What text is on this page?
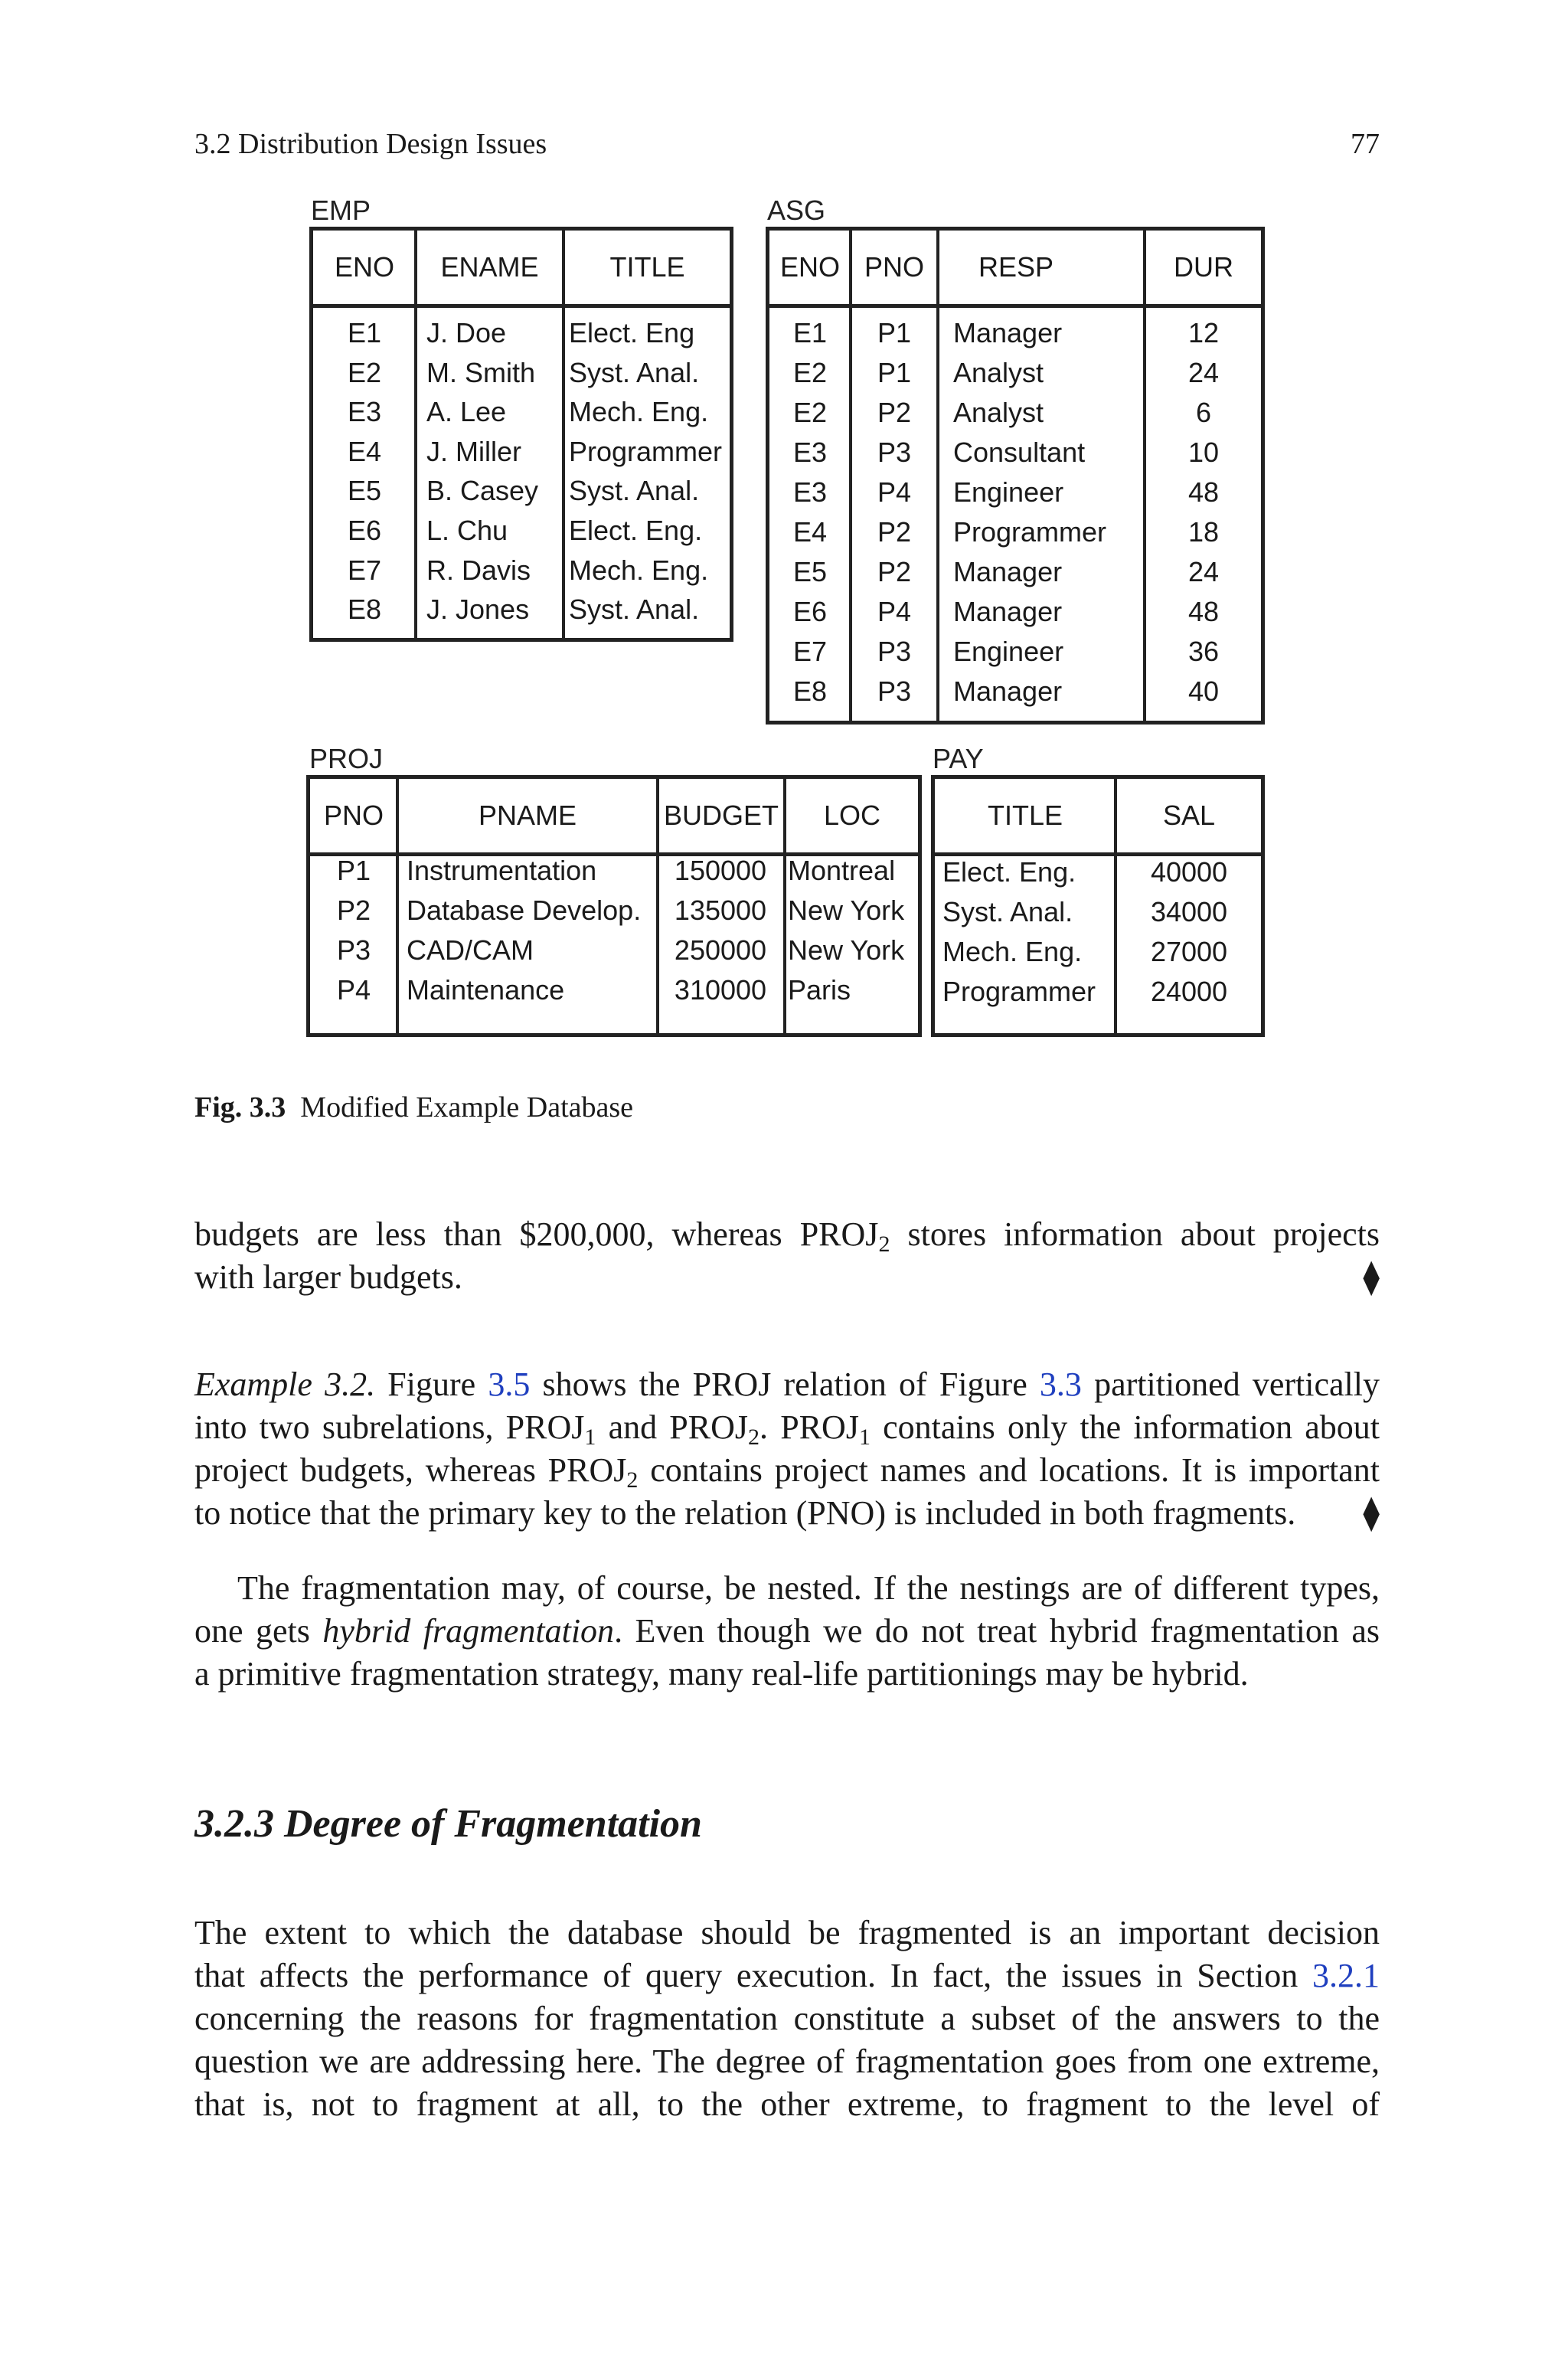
3.2 Distribution Design Issues	77
EMP
ENO	ENAME	TITLE
E1	J. Doe	Elect. Eng
E2	M. Smith	Syst. Anal.
E3	A. Lee	Mech. Eng.
E4	J. Miller	Programmer
E5	B. Casey	Syst. Anal.
E6	L. Chu	Elect. Eng.
E7	R. Davis	Mech. Eng.
E8	J. Jones	Syst. Anal.
ASG
ENO PNO	RESP	DUR
E1	P1	Manager	12
E2	P1	Analyst	24
E2	P2	Analyst	6
E3	P3	Consultant	10
E3	P4	Engineer	48
E4	P2	Programmer	18
E5	P2	Manager	24
E6	P4	Manager	48
E7	P3	Engineer	36
E8	P3	Manager	40
PROJ
PNO	PNAME	BUDGET	LOC
P1	Instrumentation	150000 Montreal
P2	Database Develop.	135000 New York
P3	CAD/CAM	250000 New York
P4	Maintenance	310000 Paris
PAY
TITLE	SAL
Elect. Eng.	40000
Syst. Anal.	34000
Mech. Eng.	27000
Programmer	24000
Fig. 3.3 Modified Example Database
budgets are less than $200,000, whereas $PROJ_2$ stores information about projects
with larger budgets.	⧫
Example 3.2. Figure 3.5 shows the PROJ relation of Figure 3.3 partitioned vertically
into two subrelations, $PROJ_1$ and $PROJ_2$. $PROJ_1$ contains only the information about
project budgets, whereas $PROJ_2$ contains project names and locations. It is important
to notice that the primary key to the relation (PNO) is included in both fragments. ⧫
The fragmentation may, of course, be nested. If the nestings are of different types,
one gets hybrid fragmentation. Even though we do not treat hybrid fragmentation as
a primitive fragmentation strategy, many real-life partitionings may be hybrid.
3.2.3 Degree of Fragmentation
The extent to which the database should be fragmented is an important decision
that affects the performance of query execution. In fact, the issues in Section 3.2.1
concerning the reasons for fragmentation constitute a subset of the answers to the
question we are addressing here. The degree of fragmentation goes from one extreme,
that is, not to fragment at all, to the other extreme, to fragment to the level of
